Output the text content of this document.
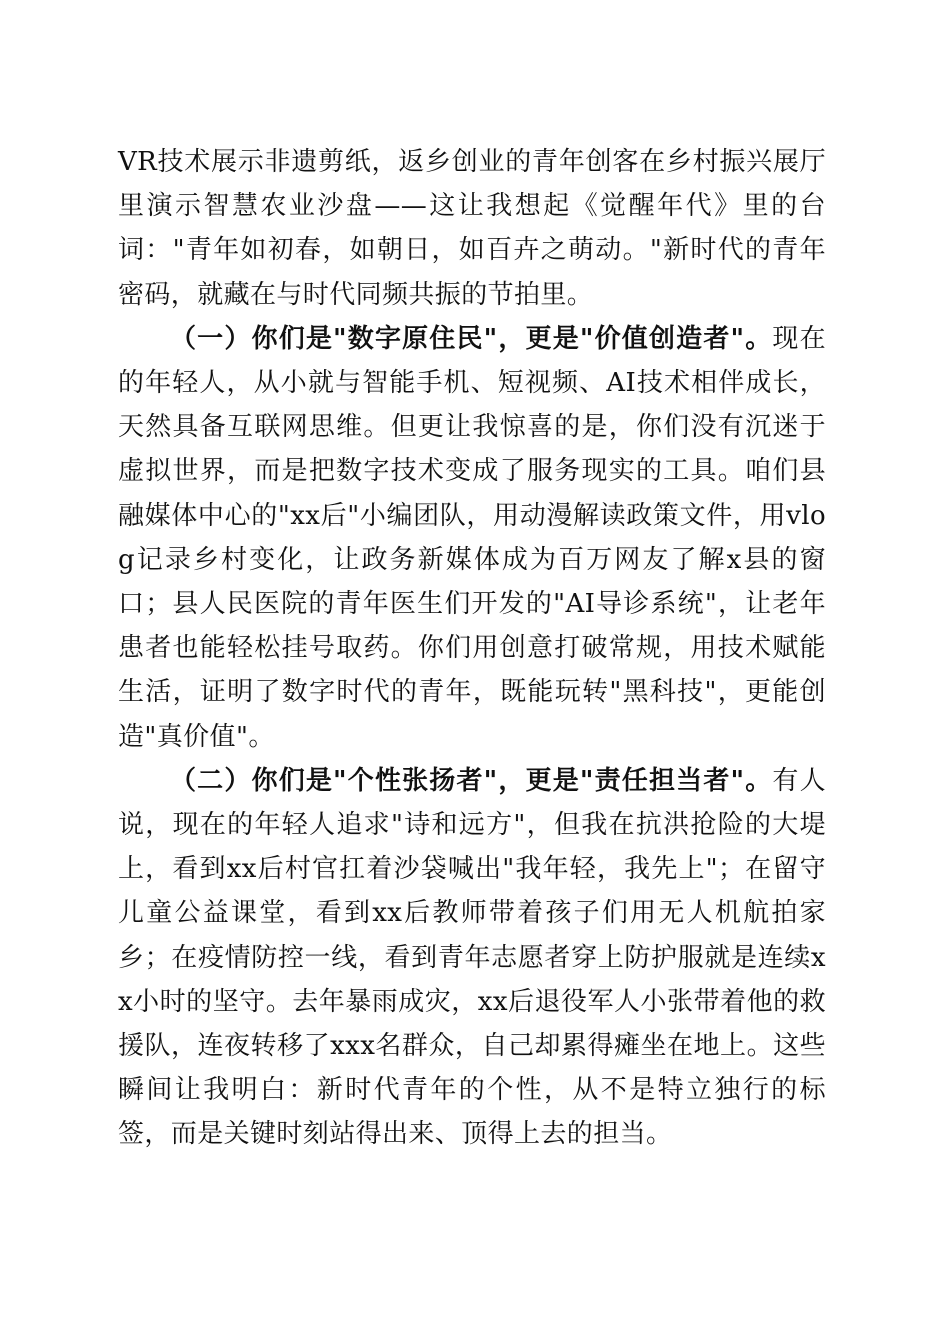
VR技术展示非遗剪纸，返乡创业的青年创客在乡村振兴展厅里演示智慧农业沙盘——这让我想起《觉醒年代》里的台词："青年如初春，如朝日，如百卉之萌动。"新时代的青年密码，就藏在与时代同频共振的节拍里。

（一）你们是"数字原住民"，更是"价值创造者"。现在的年轻人，从小就与智能手机、短视频、AI技术相伴成长，天然具备互联网思维。但更让我惊喜的是，你们没有沉迷于虚拟世界，而是把数字技术变成了服务现实的工具。咱们县融媒体中心的"xx后"小编团队，用动漫解读政策文件，用vlog记录乡村变化，让政务新媒体成为百万网友了解x县的窗口；县人民医院的青年医生们开发的"AI导诊系统"，让老年患者也能轻松挂号取药。你们用创意打破常规，用技术赋能生活，证明了数字时代的青年，既能玩转"黑科技"，更能创造"真价值"。

（二）你们是"个性张扬者"，更是"责任担当者"。有人说，现在的年轻人追求"诗和远方"，但我在抗洪抢险的大堤上，看到xx后村官扛着沙袋喊出"我年轻，我先上"；在留守儿童公益课堂，看到xx后教师带着孩子们用无人机航拍家乡；在疫情防控一线，看到青年志愿者穿上防护服就是连续xx小时的坚守。去年暴雨成灾，xx后退役军人小张带着他的救援队，连夜转移了xxx名群众，自己却累得瘫坐在地上。这些瞬间让我明白：新时代青年的个性，从不是特立独行的标签，而是关键时刻站得出来、顶得上去的担当。
